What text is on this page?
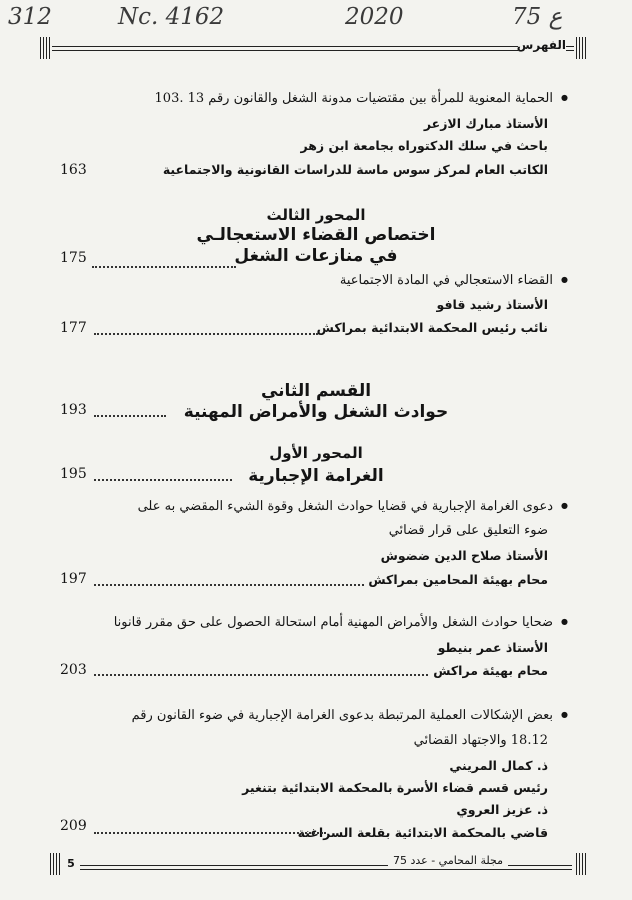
312	Nc. 4162	2020	75 ع
الفهرس
● الحماية المعنوية للمرأة بين مقتضيات مدونة الشغل والقانون رقم 13 .103
الأستاذ مبارك الازعر
باحث في سلك الدكتوراه بجامعة ابن زهر
الكاتب العام لمركز سوس ماسة للدراسات القانونية والاجتماعية
163
المحور الثالث
اختصاص القضاء الاستعجالـي
في منازعات الشغل
175
● القضاء الاستعجالي في المادة الاجتماعية
الأستاذ رشيد قافو
نائب رئيس المحكمة الابتدائية بمراكش
177
القسم الثاني
حوادث الشغل والأمراض المهنية
193
المحور الأول
الغرامة الإجبارية
195
● دعوى الغرامة الإجبارية في قضايا حوادث الشغل وقوة الشيء المقضي به على
ضوء التعليق على قرار قضائي
الأستاذ صلاح الدين ضضوش
محام بهيئة المحامين بمراكش
197
● ضحايا حوادث الشغل والأمراض المهنية أمام استحالة الحصول على حق مقرر قانونا
الأستاذ عمر بنيطو
محام بهيئة مراكش
203
● بعض الإشكالات العملية المرتبطة بدعوى الغرامة الإجبارية في ضوء القانون رقم
18.12 والاجتهاد القضائي
ذ. كمال المريني
رئيس قسم قضاء الأسرة بالمحكمة الابتدائية بتنغير
ذ. عزيز العروي
قاضي بالمحكمة الابتدائية بقلعة السراغنة
209
5	مجلة المحامي - عدد 75
